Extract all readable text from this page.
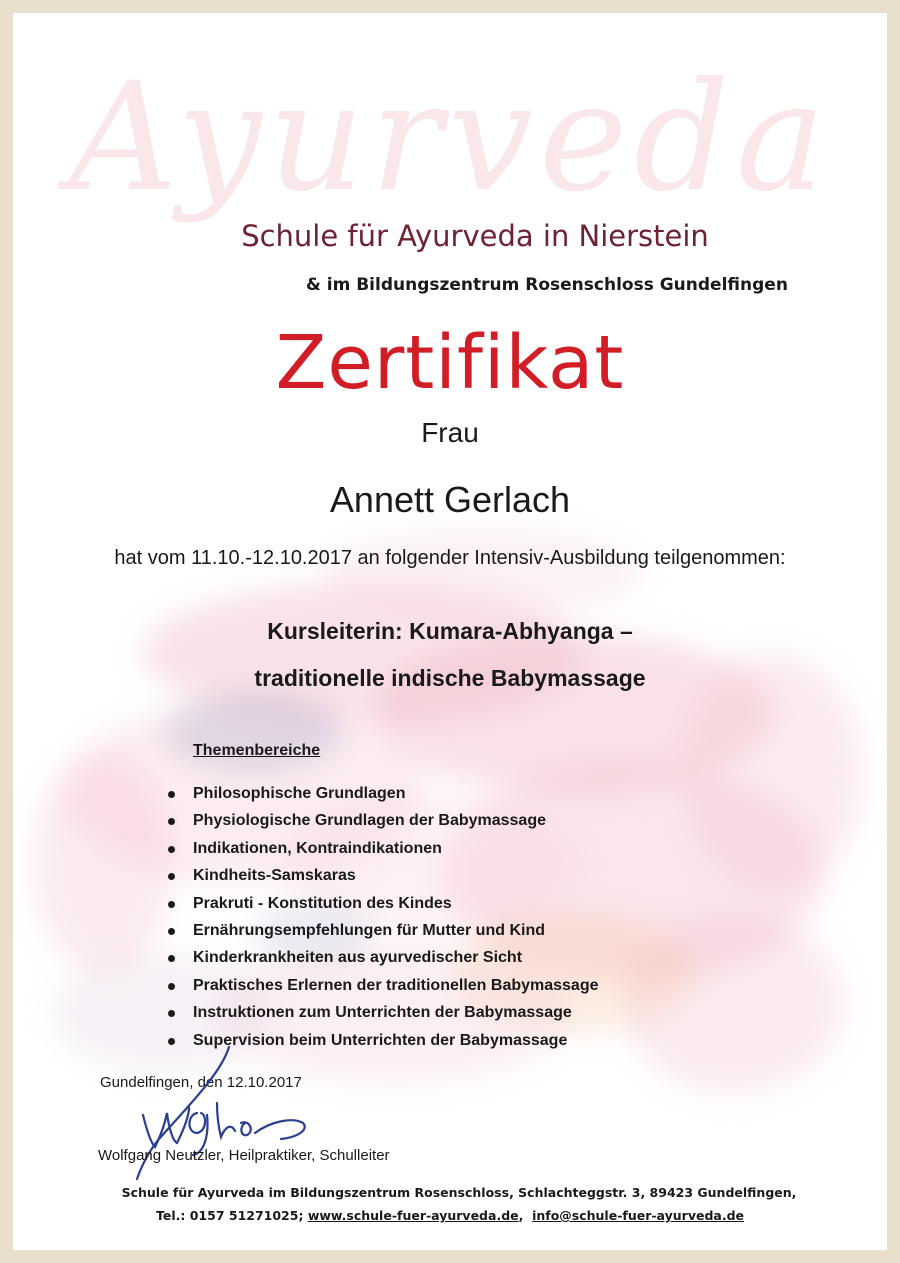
Ayurveda
Schule für Ayurveda in Nierstein
& im Bildungszentrum Rosenschloss Gundelfingen
Zertifikat
Frau
Annett Gerlach
hat vom 11.10.-12.10.2017 an folgender Intensiv-Ausbildung teilgenommen:
Kursleiterin: Kumara-Abhyanga –
traditionelle indische Babymassage
Themenbereiche
Philosophische Grundlagen
Physiologische Grundlagen der Babymassage
Indikationen, Kontraindikationen
Kindheits-Samskaras
Prakruti - Konstitution des Kindes
Ernährungsempfehlungen für Mutter und Kind
Kinderkrankheiten aus ayurvedischer Sicht
Praktisches Erlernen der traditionellen Babymassage
Instruktionen zum Unterrichten der Babymassage
Supervision beim Unterrichten der Babymassage
Gundelfingen, den 12.10.2017
Wolfgang Neutzler, Heilpraktiker, Schulleiter
Schule für Ayurveda im Bildungszentrum Rosenschloss, Schlachteggstr. 3, 89423 Gundelfingen,
Tel.: 0157 51271025; www.schule-fuer-ayurveda.de,  info@schule-fuer-ayurveda.de
